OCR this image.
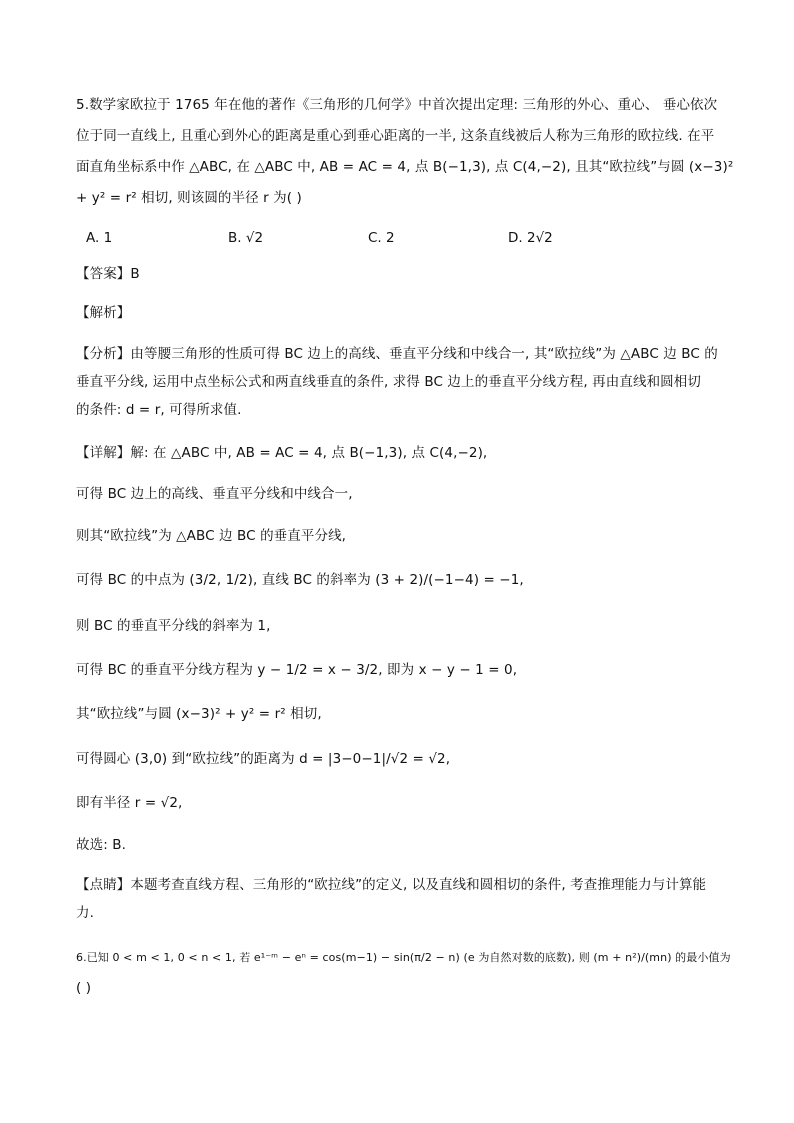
5.数学家欧拉于 1765 年在他的著作《三角形的几何学》中首次提出定理: 三角形的外心、重心、 垂心依次
位于同一直线上, 且重心到外心的距离是重心到垂心距离的一半, 这条直线被后人称为三角形的欧拉线. 在平
面直角坐标系中作 △ABC, 在 △ABC 中, AB = AC = 4, 点 B(−1,3), 点 C(4,−2), 且其“欧拉线”与圆 (x−3)²
+ y² = r² 相切, 则该圆的半径 r 为( )
A. 1	B. √2	C. 2	D. 2√2
【答案】B
【解析】
【分析】由等腰三角形的性质可得 BC 边上的高线、垂直平分线和中线合一, 其“欧拉线”为 △ABC 边 BC 的
垂直平分线, 运用中点坐标公式和两直线垂直的条件, 求得 BC 边上的垂直平分线方程, 再由直线和圆相切
的条件: d = r, 可得所求值.
【详解】解: 在 △ABC 中, AB = AC = 4, 点 B(−1,3), 点 C(4,−2),
可得 BC 边上的高线、垂直平分线和中线合一,
则其“欧拉线”为 △ABC 边 BC 的垂直平分线,
可得 BC 的中点为 (3/2, 1/2), 直线 BC 的斜率为 (3 + 2)/(−1−4) = −1,
则 BC 的垂直平分线的斜率为 1,
可得 BC 的垂直平分线方程为 y − 1/2 = x − 3/2, 即为 x − y − 1 = 0,
其“欧拉线”与圆 (x−3)² + y² = r² 相切,
可得圆心 (3,0) 到“欧拉线”的距离为 d = |3−0−1|/√2 = √2,
即有半径 r = √2,
故选: B.
【点睛】本题考查直线方程、三角形的“欧拉线”的定义, 以及直线和圆相切的条件, 考查推理能力与计算能
力.
6.已知 0 < m < 1, 0 < n < 1, 若 e¹⁻ᵐ − eⁿ = cos(m−1) − sin(π/2 − n) (e 为自然对数的底数), 则 (m + n²)/(mn) 的最小值为
( )
